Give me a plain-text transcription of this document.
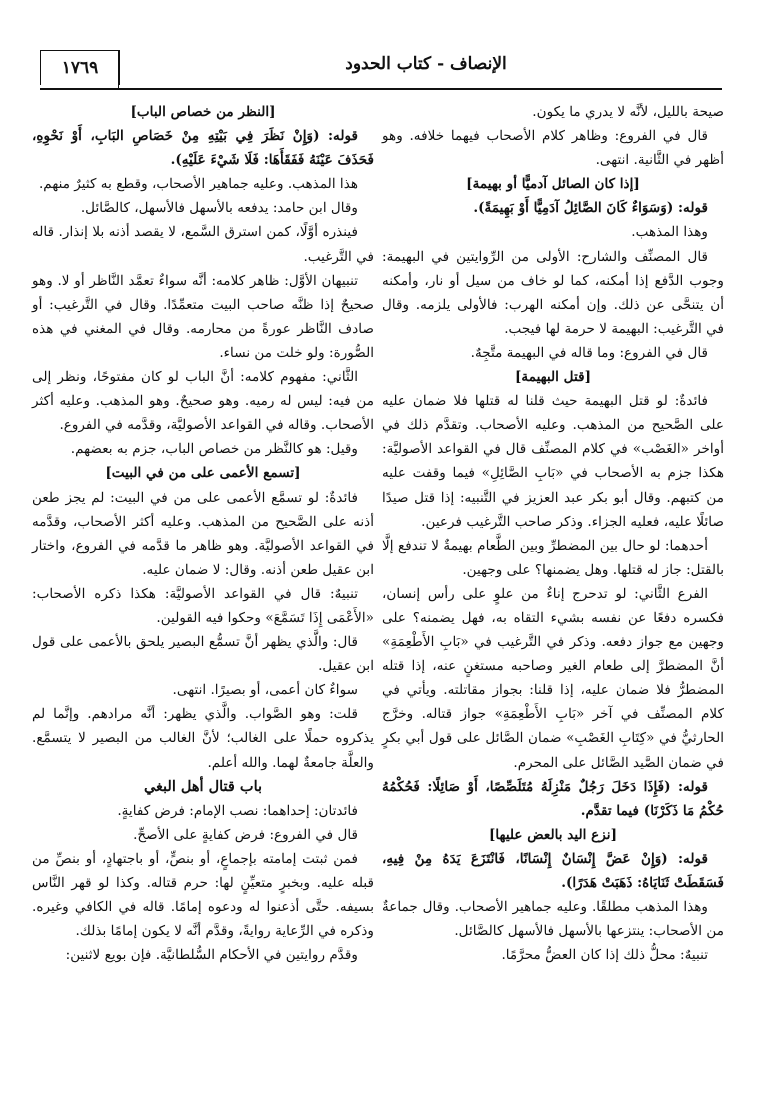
١٧٦٩	الإنصاف - كتاب الحدود

صيحة بالليل، لأنَّه لا يدري ما يكون.

قال في الفروع: وظاهر كلام الأصحاب فيهما خلافه. وهو أظهر في الثَّانية. انتهى.

[إذا كان الصائل آدميًّا أو بهيمة]

قوله: (وَسَوَاءٌ كَانَ الصَّائِلُ آدَمِيًّا أَوْ بَهِيمَةً).

وهذا المذهب.

قال المصنِّف والشارح: الأولى من الرِّوايتين في البهيمة: وجوب الدَّفع إذا أمكنه، كما لو خاف من سيل أو نار، وأمكنه أن يتنحَّى عن ذلك. وإن أمكنه الهرب: فالأولى يلزمه. وقال في التَّرغيب: البهيمة لا حرمة لها فيجب.

قال في الفروع: وما قاله في البهيمة متَّجِهٌ.

[قتل البهيمة]

فائدةٌ: لو قتل البهيمة حيث قلنا له قتلها فلا ضمان عليه على الصَّحيح من المذهب. وعليه الأصحاب. وتقدَّم ذلك في أواخر «الغَصْب» في كلام المصنِّف قال في القواعد الأصوليَّة: هكذا جزم به الأصحاب في «بَابِ الصَّائِلِ» فيما وقفت عليه من كتبهم. وقال أبو بكر عبد العزيز في التَّنبيه: إذا قتل صيدًا صائلًا عليه، فعليه الجزاء. وذكر صاحب التَّرغيب فرعين.

أحدهما: لو حال بين المضطرِّ وبين الطَّعام بهيمةٌ لا تندفع إلَّا بالقتل: جاز له قتلها. وهل يضمنها؟ على وجهين.

الفرع الثَّاني: لو تدحرج إناءٌ من علوٍ على رأس إنسان، فكسره دفعًا عن نفسه بشيء التقاه به، فهل يضمنه؟ على وجهين مع جواز دفعه. وذكر في التَّرغيب في «بَابِ الأَطْعِمَةِ» أنَّ المضطرَّ إلى طعام الغير وصاحبه مستغنٍ عنه، إذا قتله المضطرُّ فلا ضمان عليه، إذا قلنا: بجواز مقاتلته. ويأتي في كلام المصنِّف في آخر «بَابِ الأَطْعِمَةِ» جواز قتاله. وخرَّج الحارثيُّ في «كِتَابِ الغَصْبِ» ضمان الصَّائل على قول أبي بكرٍ في ضمان الصَّيد الصَّائل على المحرم.

قوله: (فَإِذَا دَخَلَ رَجُلٌ مَنْزِلَهُ مُتَلَصِّصًا، أَوْ صَائِلًا: فَحُكْمُهُ حُكْمُ مَا ذَكَرْنَا) فيما تقدَّم.

[نزع اليد بالعض عليها]

قوله: (وَإِنْ عَضَّ إِنْسَانٌ إِنْسَانًا، فَانْتَزَعَ يَدَهُ مِنْ فِيهِ، فَسَقَطَتْ ثَنَايَاهُ: ذَهَبَتْ هَدَرًا).

وهذا المذهب مطلقًا. وعليه جماهير الأصحاب. وقال جماعةٌ من الأصحاب: ينتزعها بالأسهل فالأسهل كالصَّائل.

تنبيهٌ: محلُّ ذلك إذا كان العضُّ محرَّمًا.

[النظر من خصاص الباب]

قوله: (وَإِنْ نَظَرَ فِي بَيْتِهِ مِنْ خَصَاصِ البَابِ، أَوْ نَحْوِهِ، فَحَذَفَ عَيْنَهُ فَفَقَأَهَا: فَلَا شَيْءَ عَلَيْهِ).

هذا المذهب. وعليه جماهير الأصحاب، وقطع به كثيرٌ منهم.

وقال ابن حامد: يدفعه بالأسهل فالأسهل، كالصَّائل.

فينذره أوَّلًا، كمن استرق السَّمع، لا يقصد أذنه بلا إنذار. قاله في التَّرغيب.

تنبيهان الأوَّل: ظاهر كلامه: أنَّه سواءٌ تعمَّد النَّاظر أو لا. وهو صحيحٌ إذا ظنَّه صاحب البيت متعمِّدًا. وقال في التَّرغيب: أو صادف النَّاظر عورةً من محارمه. وقال في المغني في هذه الصُّورة: ولو خلت من نساء.

الثَّاني: مفهوم كلامه: أنَّ الباب لو كان مفتوحًا، ونظر إلى من فيه: ليس له رميه. وهو صحيحٌ. وهو المذهب. وعليه أكثر الأصحاب. وقاله في القواعد الأصوليَّة، وقدَّمه في الفروع.

وقيل: هو كالنَّظر من خصاص الباب، جزم به بعضهم.

[تسمع الأعمى على من في البيت]

فائدةٌ: لو تسمَّع الأعمى على من في البيت: لم يجز طعن أذنه على الصَّحيح من المذهب. وعليه أكثر الأصحاب، وقدَّمه في القواعد الأصوليَّة. وهو ظاهر ما قدَّمه في الفروع، واختار ابن عقيل طعن أذنه. وقال: لا ضمان عليه.

تنبيهٌ: قال في القواعد الأصوليَّة: هكذا ذكره الأصحاب: «الأَعْمَى إِذَا تَسَمَّعَ» وحكوا فيه القولين.

قال: والَّذي يظهر أنَّ تسمُّع البصير يلحق بالأعمى على قول ابن عقيل.

سواءٌ كان أعمى، أو بصيرًا. انتهى.

قلت: وهو الصَّواب. والَّذي يظهر: أنَّه مرادهم. وإنَّما لم يذكروه حملًا على الغالب؛ لأنَّ الغالب من البصير لا يتسمَّع. والعلَّة جامعةٌ لهما. والله أعلم.

باب قتال أهل البغي

فائدتان: إحداهما: نصب الإمام: فرض كفايةٍ.

قال في الفروع: فرض كفايةٍ على الأصحِّ.

فمن ثبتت إمامته بإجماعٍ، أو بنصٍّ، أو باجتهادٍ، أو بنصِّ من قبله عليه. وبخبرٍ متعيِّنٍ لها: حرم قتاله. وكذا لو قهر النَّاس بسيفه. حتَّى أذعنوا له ودعوه إمامًا. قاله في الكافي وغيره. وذكره في الرِّعاية روايةً، وقدَّم أنَّه لا يكون إمامًا بذلك.

وقدَّم روايتين في الأحكام السُّلطانيَّة. فإن بويع لاثنين:
